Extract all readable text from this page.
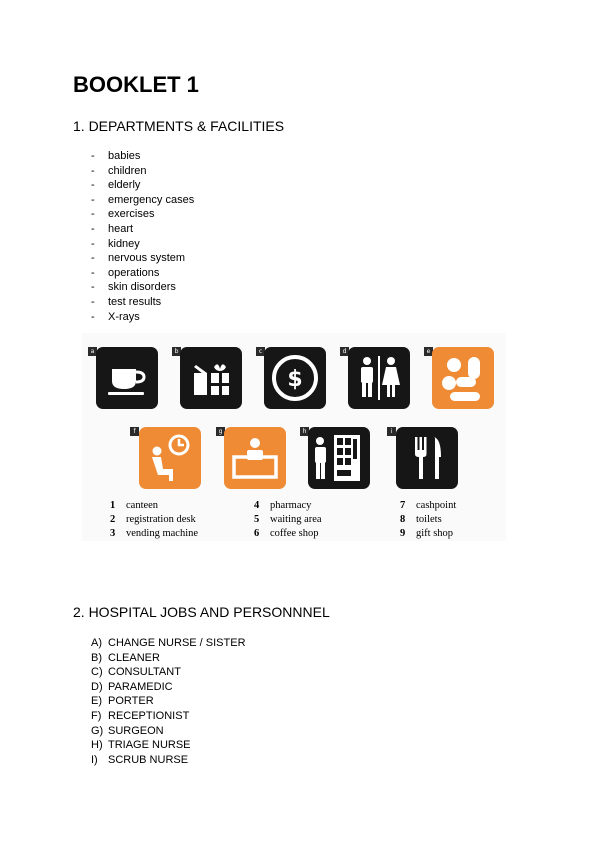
BOOKLET 1
1. DEPARTMENTS & FACILITIES
- babies
- children
- elderly
- emergency cases
- exercises
- heart
- kidney
- nervous system
- operations
- skin disorders
- test results
- X-rays
a	b	c
$
d	e
f	g	h	i
1 canteen
2 registration desk
3 vending machine
4 pharmacy
5 waiting area
6 coffee shop
7 cashpoint
8 toilets
9 gift shop
2. HOSPITAL JOBS AND PERSONNNEL
A) CHANGE NURSE / SISTER
B) CLEANER
C) CONSULTANT
D) PARAMEDIC
E) PORTER
F) RECEPTIONIST
G) SURGEON
H) TRIAGE NURSE
I) SCRUB NURSE
